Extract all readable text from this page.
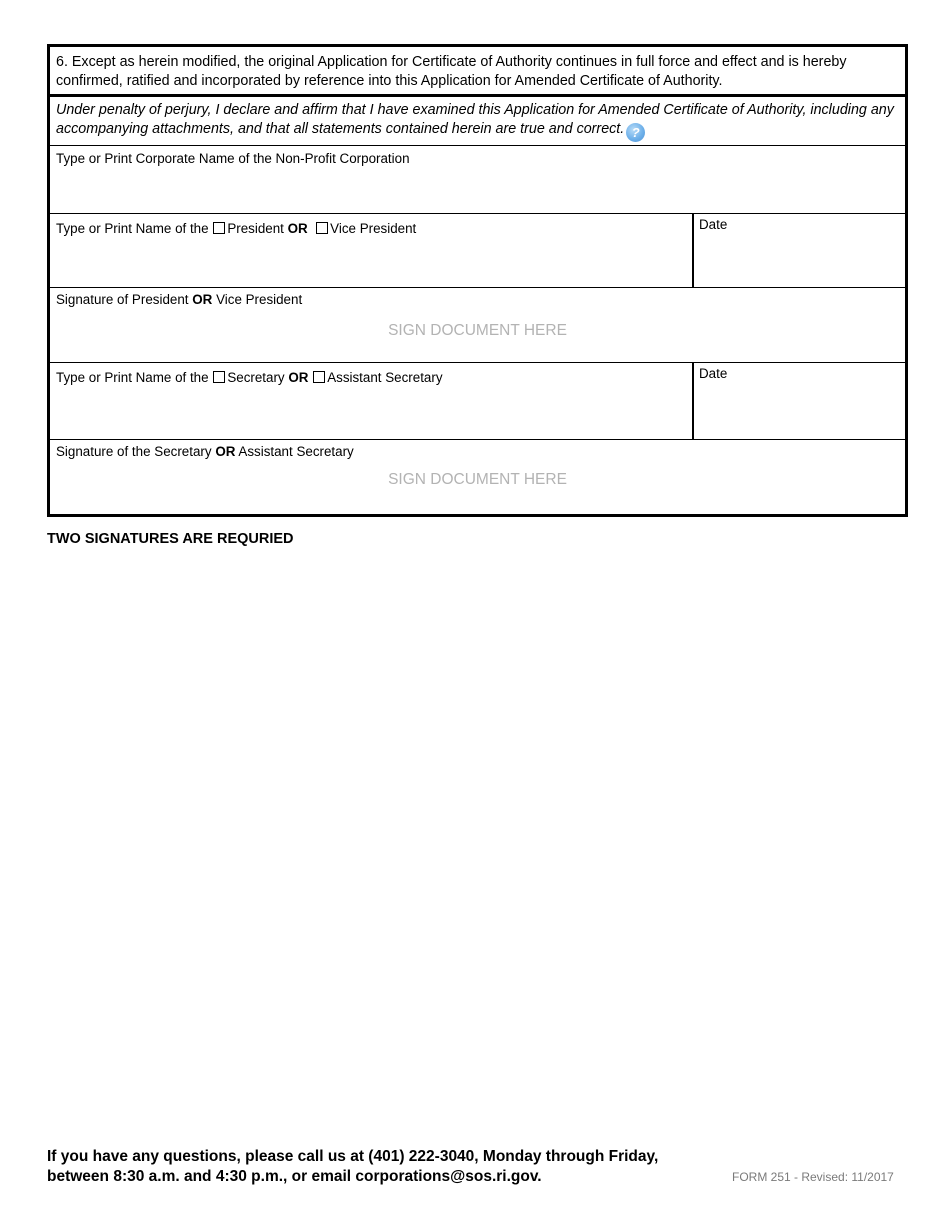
6. Except as herein modified, the original Application for Certificate of Authority continues in full force and effect and is hereby confirmed, ratified and incorporated by reference into this Application for Amended Certificate of Authority.
Under penalty of perjury, I declare and affirm that I have examined this Application for Amended Certificate of Authority, including any accompanying attachments, and that all statements contained herein are true and correct. ?
Type or Print Corporate Name of the Non-Profit Corporation
Type or Print Name of the President OR Vice President	Date
Signature of President OR Vice President
SIGN DOCUMENT HERE
Type or Print Name of the Secretary OR Assistant Secretary	Date
Signature of the Secretary OR Assistant Secretary
SIGN DOCUMENT HERE
TWO SIGNATURES ARE REQURIED
If you have any questions, please call us at (401) 222-3040, Monday through Friday,
between 8:30 a.m. and 4:30 p.m., or email corporations@sos.ri.gov.	FORM 251 - Revised: 11/2017
